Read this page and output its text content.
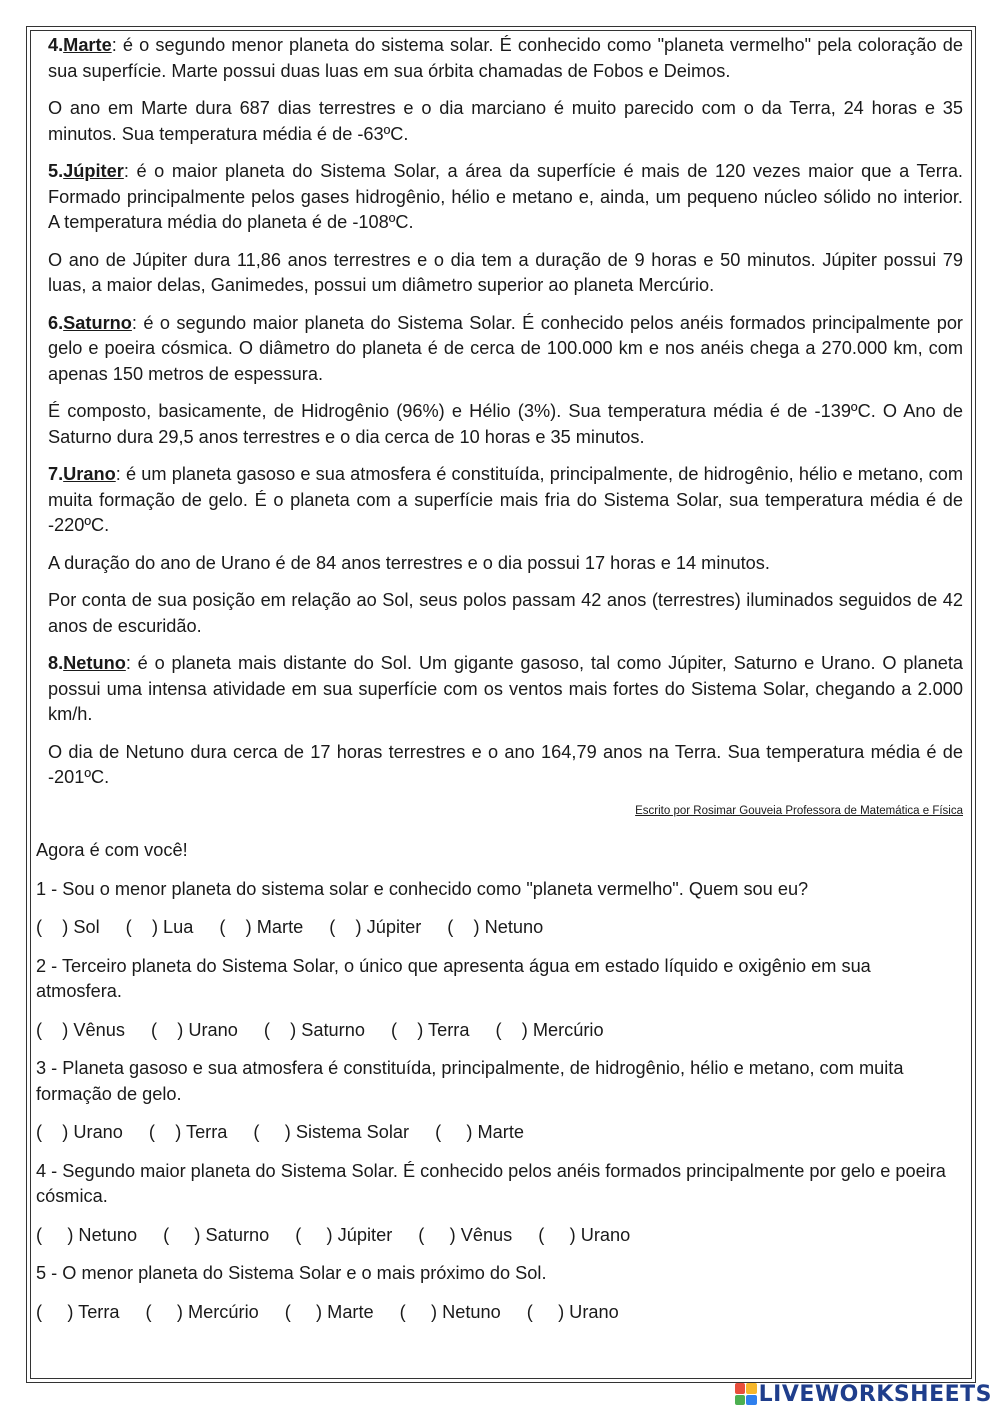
4.Marte: é o segundo menor planeta do sistema solar. É conhecido como "planeta vermelho" pela coloração de sua superfície. Marte possui duas luas em sua órbita chamadas de Fobos e Deimos.

O ano em Marte dura 687 dias terrestres e o dia marciano é muito parecido com o da Terra, 24 horas e 35 minutos. Sua temperatura média é de -63ºC.

5.Júpiter: é o maior planeta do Sistema Solar, a área da superfície é mais de 120 vezes maior que a Terra. Formado principalmente pelos gases hidrogênio, hélio e metano e, ainda, um pequeno núcleo sólido no interior. A temperatura média do planeta é de -108ºC.

O ano de Júpiter dura 11,86 anos terrestres e o dia tem a duração de 9 horas e 50 minutos. Júpiter possui 79 luas, a maior delas, Ganimedes, possui um diâmetro superior ao planeta Mercúrio.

6.Saturno: é o segundo maior planeta do Sistema Solar. É conhecido pelos anéis formados principalmente por gelo e poeira cósmica. O diâmetro do planeta é de cerca de 100.000 km e nos anéis chega a 270.000 km, com apenas 150 metros de espessura.

É composto, basicamente, de Hidrogênio (96%) e Hélio (3%). Sua temperatura média é de -139ºC. O Ano de Saturno dura 29,5 anos terrestres e o dia cerca de 10 horas e 35 minutos.

7.Urano: é um planeta gasoso e sua atmosfera é constituída, principalmente, de hidrogênio, hélio e metano, com muita formação de gelo. É o planeta com a superfície mais fria do Sistema Solar, sua temperatura média é de -220ºC.

A duração do ano de Urano é de 84 anos terrestres e o dia possui 17 horas e 14 minutos.

Por conta de sua posição em relação ao Sol, seus polos passam 42 anos (terrestres) iluminados seguidos de 42 anos de escuridão.

8.Netuno: é o planeta mais distante do Sol. Um gigante gasoso, tal como Júpiter, Saturno e Urano. O planeta possui uma intensa atividade em sua superfície com os ventos mais fortes do Sistema Solar, chegando a 2.000 km/h.

O dia de Netuno dura cerca de 17 horas terrestres e o ano 164,79 anos na Terra. Sua temperatura média é de -201ºC.

Escrito por Rosimar Gouveia Professora de Matemática e Física

Agora é com você!

1 - Sou o menor planeta do sistema solar e conhecido como "planeta vermelho". Quem sou eu?

(    ) Sol (    ) Lua (    ) Marte (    ) Júpiter (    ) Netuno

2 - Terceiro planeta do Sistema Solar, o único que apresenta água em estado líquido e oxigênio em sua atmosfera.

(    ) Vênus (    ) Urano (    ) Saturno (    ) Terra (    ) Mercúrio

3 - Planeta gasoso e sua atmosfera é constituída, principalmente, de hidrogênio, hélio e metano, com muita formação de gelo.

(    ) Urano (    ) Terra (     ) Sistema Solar (     ) Marte

4 - Segundo maior planeta do Sistema Solar. É conhecido pelos anéis formados principalmente por gelo e poeira cósmica.

(     ) Netuno (     ) Saturno (     ) Júpiter (     ) Vênus (     ) Urano

5 - O menor planeta do Sistema Solar e o mais próximo do Sol.

(     ) Terra (     ) Mercúrio (     ) Marte (     ) Netuno (     ) Urano
LIVEWORKSHEETS
